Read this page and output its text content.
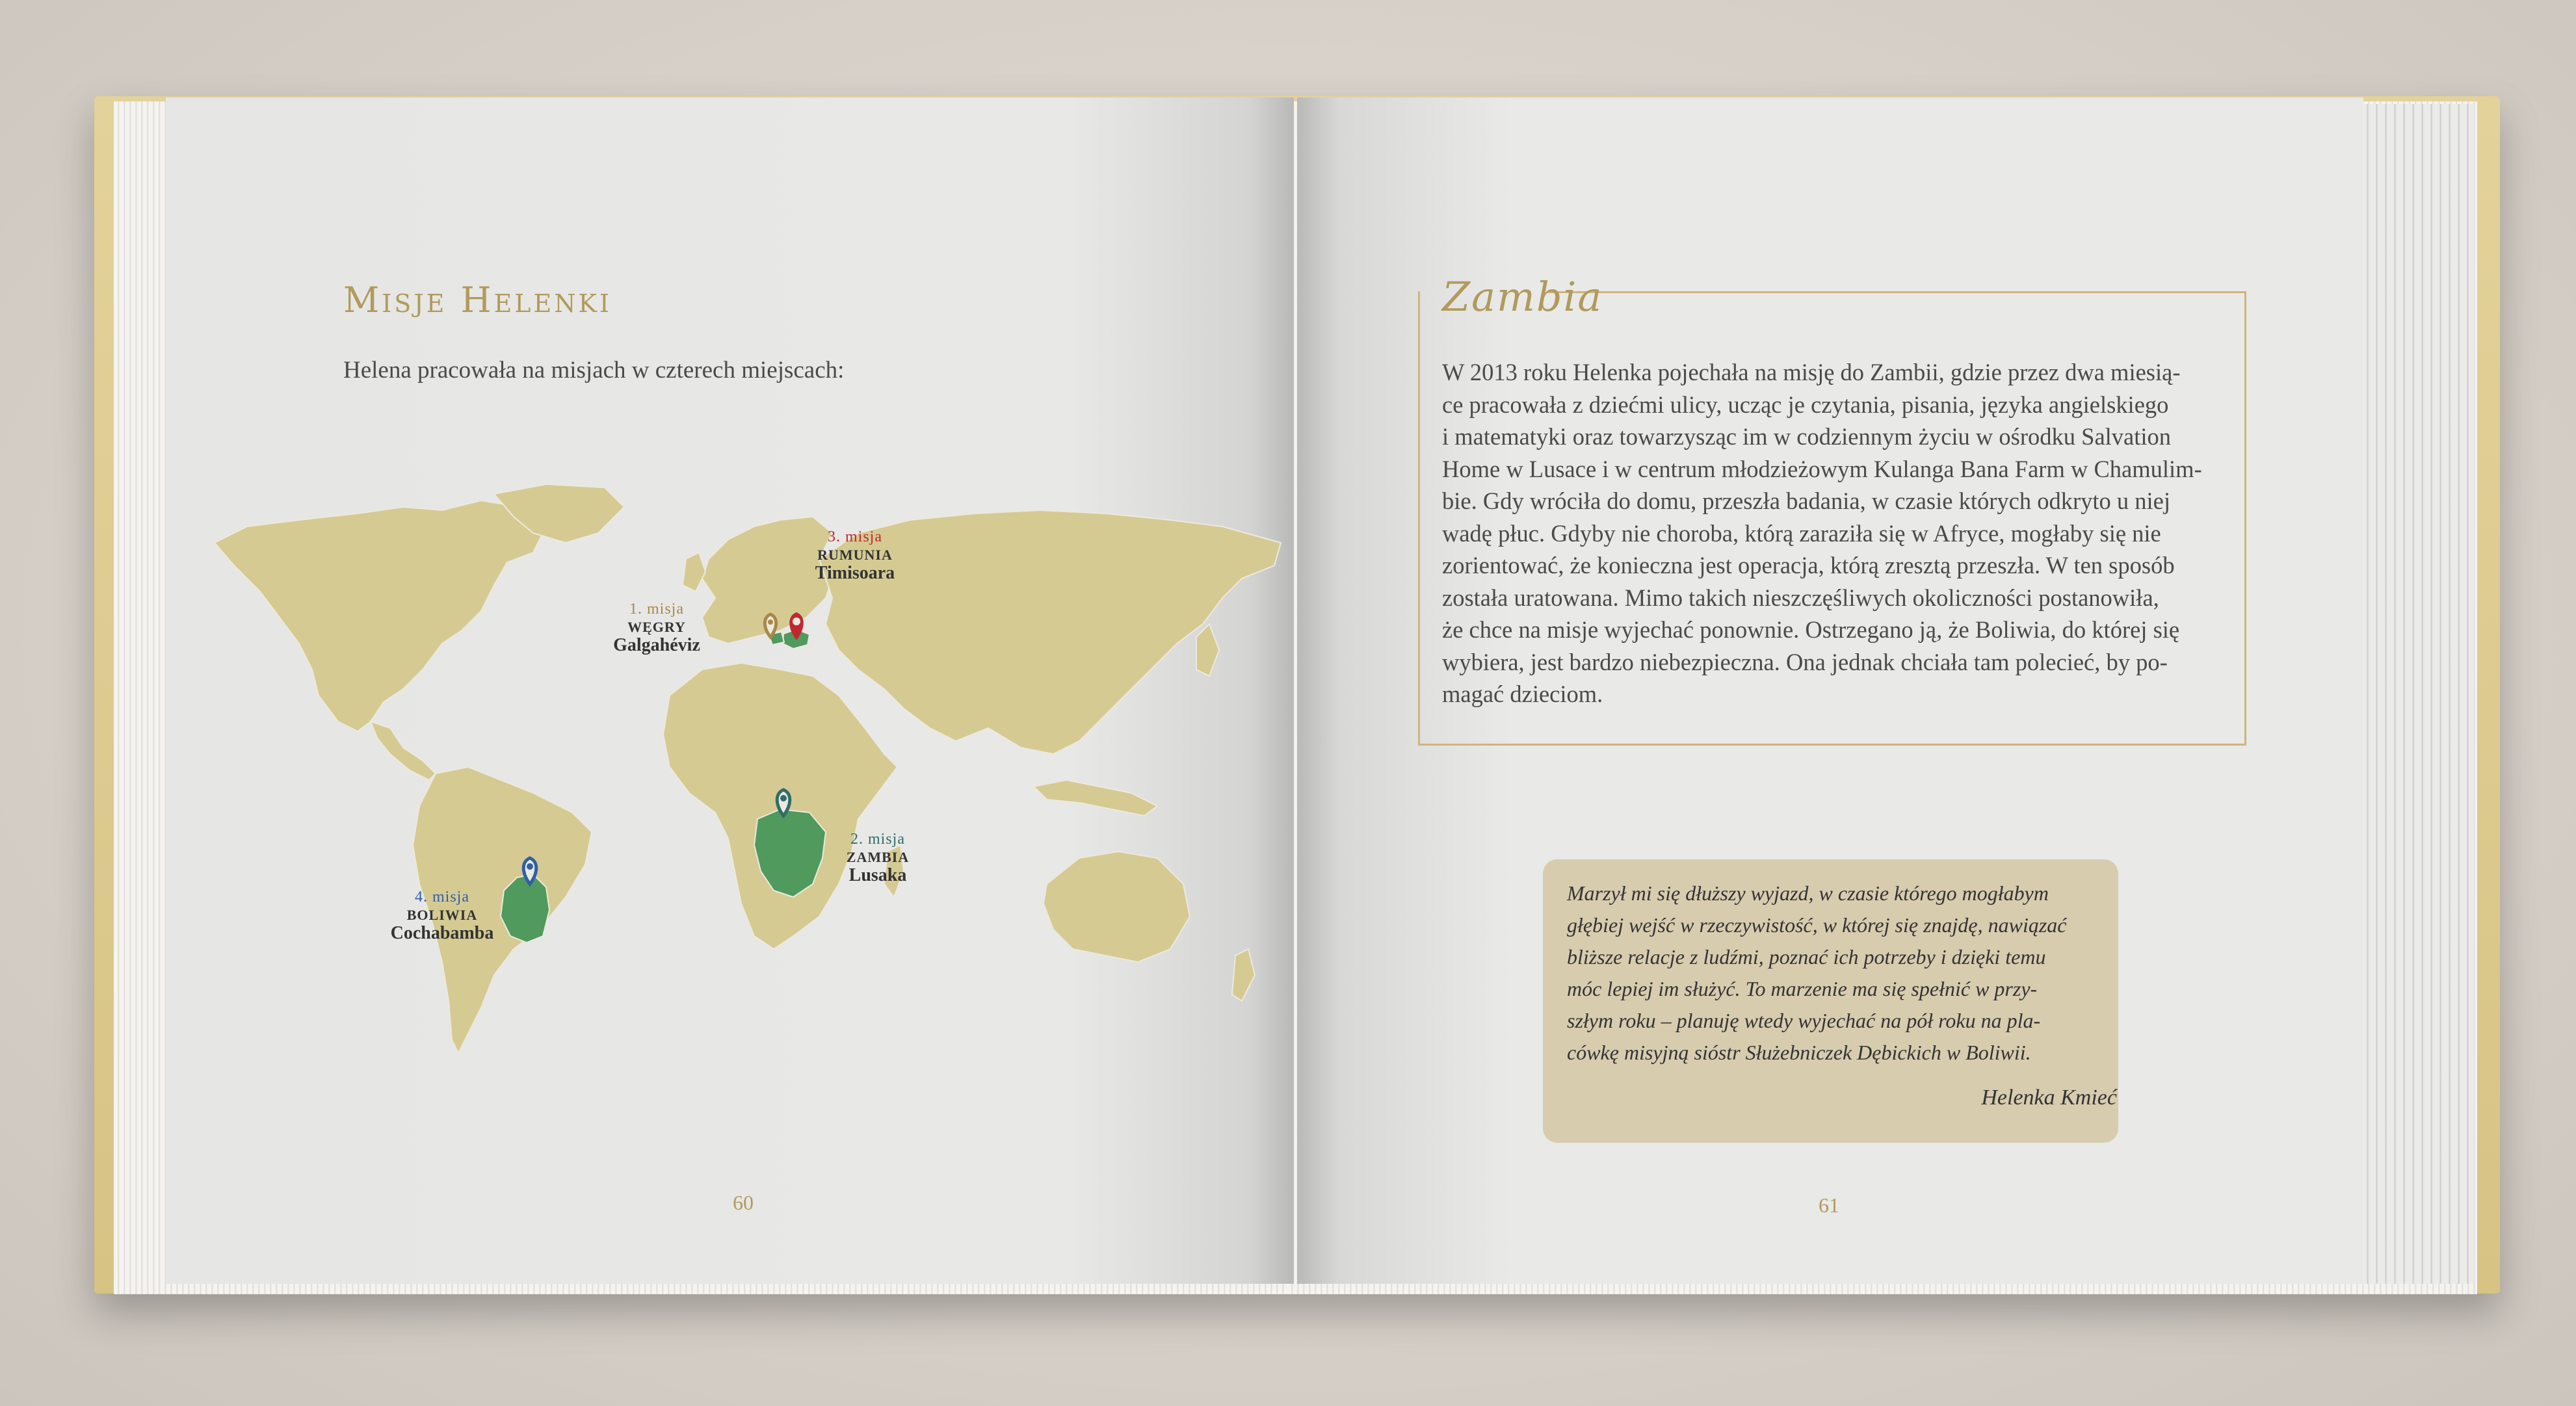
Misje Helenki
Helena pracowała na misjach w czterech miejscach:
1. misja
WĘGRY
Galgahéviz
2. misja
ZAMBIA
Lusaka
3. misja
RUMUNIA
Timisoara
4. misja
BOLIWIA
Cochabamba
60
Zambia
W 2013 roku Helenka pojechała na misję do Zambii, gdzie przez dwa miesią-
ce pracowała z dziećmi ulicy, ucząc je czytania, pisania, języka angielskiego
i matematyki oraz towarzysząc im w codziennym życiu w ośrodku Salvation
Home w Lusace i w centrum młodzieżowym Kulanga Bana Farm w Chamulim-
bie. Gdy wróciła do domu, przeszła badania, w czasie których odkryto u niej
wadę płuc. Gdyby nie choroba, którą zaraziła się w Afryce, mogłaby się nie
zorientować, że konieczna jest operacja, którą zresztą przeszła. W ten sposób
została uratowana. Mimo takich nieszczęśliwych okoliczności postanowiła,
że chce na misje wyjechać ponownie. Ostrzegano ją, że Boliwia, do której się
wybiera, jest bardzo niebezpieczna. Ona jednak chciała tam polecieć, by po-
magać dzieciom.
Marzył mi się dłuższy wyjazd, w czasie którego mogłabym
głębiej wejść w rzeczywistość, w której się znajdę, nawiązać
bliższe relacje z ludźmi, poznać ich potrzeby i dzięki temu
móc lepiej im służyć. To marzenie ma się spełnić w przy-
szłym roku – planuję wtedy wyjechać na pół roku na pla-
cówkę misyjną sióstr Służebniczek Dębickich w Boliwii.
Helenka Kmieć
61
